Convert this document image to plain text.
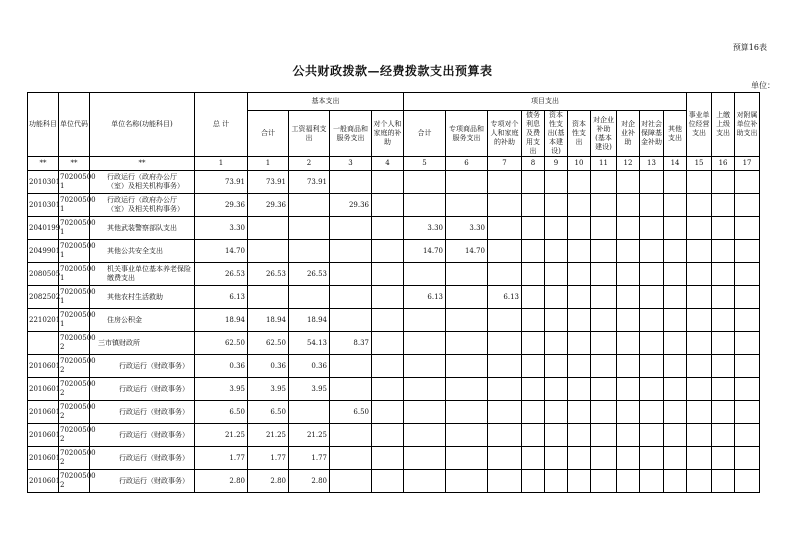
预算16表
公共财政拨款—经费拨款支出预算表
单位：
功能科目	单位代码	单位名称(功能科目)	总 计	基本支出				项目支出										事业单位经营支出	上缴上级支出	对附属单位补助支出
				合计	工资福利支出	一般商品和服务支出	对个人和家庭的补助	合计	专项商品和服务支出	专项对个人和家庭的补助	债务利息及费用支出	资本性支出(基本建设)	资本性支出	对企业补助(基本建设)	对企业补助	对社会保障基金补助	其他支出			
**	**	**	1	1	2	3	4	5	6	7	8	9	10	11	12	13	14	15	16	17
2010301	70200500 1	行政运行（政府办公厅（室）及相关机构事务）	73.91	73.91	73.91															
2010301	70200500 1	行政运行（政府办公厅（室）及相关机构事务）	29.36	29.36		29.36														
2040199	70200500 1	其他武装警察部队支出	3.30					3.30	3.30											
2049901	70200500 1	其他公共安全支出	14.70					14.70	14.70											
2080505	70200500 1	机关事业单位基本养老保险缴费支出	26.53	26.53	26.53															
2082502	70200500 1	其他农村生活救助	6.13					6.13		6.13										
2210201	70200500 1	住房公积金	18.94	18.94	18.94															
	70200500 2	三市镇财政所	62.50	62.50	54.13	8.37														
2010601	70200500 2	行政运行（财政事务）	0.36	0.36	0.36															
2010601	70200500 2	行政运行（财政事务）	3.95	3.95	3.95															
2010601	70200500 2	行政运行（财政事务）	6.50	6.50		6.50														
2010601	70200500 2	行政运行（财政事务）	21.25	21.25	21.25															
2010601	70200500 2	行政运行（财政事务）	1.77	1.77	1.77															
2010601	70200500 2	行政运行（财政事务）	2.80	2.80	2.80															
